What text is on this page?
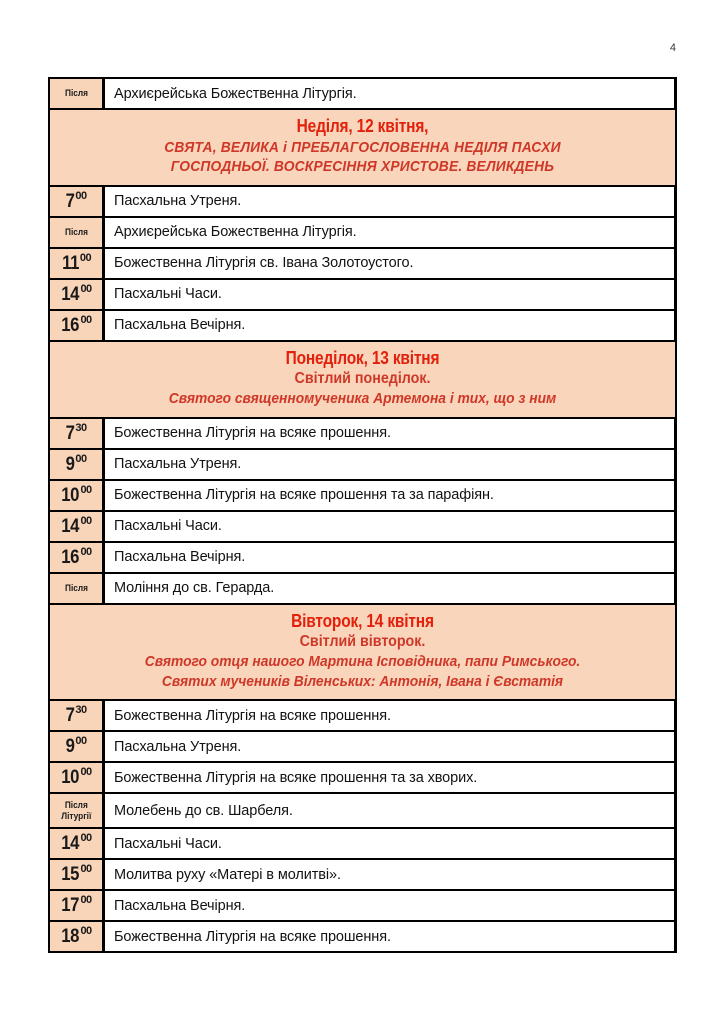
4
Після	Архиєрейська Божественна Літургія.
Неділя, 12 квітня,
СВЯТА, ВЕЛИКА і ПРЕБЛАГОСЛОВЕННА НЕДІЛЯ ПАСХИ
ГОСПОДНЬОЇ. ВОСКРЕСІННЯ ХРИСТОВЕ. ВЕЛИКДЕНЬ
7 00	Пасхальна Утреня.
Після	Архиєрейська Божественна Літургія.
11 00	Божественна Літургія св. Івана Золотоустого.
14 00	Пасхальні Часи.
16 00	Пасхальна Вечірня.
Понеділок, 13 квітня
Світлий понеділок.
Святого священномученика Артемона і тих, що з ним
7 30	Божественна Літургія на всяке прошення.
9 00	Пасхальна Утреня.
10 00	Божественна Літургія на всяке прошення та за парафіян.
14 00	Пасхальні Часи.
16 00	Пасхальна Вечірня.
Після	Моління до св. Герарда.
Вівторок, 14 квітня
Світлий вівторок.
Святого отця нашого Мартина Ісповідника, папи Римського.
Святих мучеників Віленських: Антонія, Івана і Євстатія
7 30	Божественна Літургія на всяке прошення.
9 00	Пасхальна Утреня.
10 00	Божественна Літургія на всяке прошення та за хворих.
Після
Літургії	Молебень до св. Шарбеля.
14 00	Пасхальні Часи.
15 00	Молитва руху «Матері в молитві».
17 00	Пасхальна Вечірня.
18 00	Божественна Літургія на всяке прошення.
